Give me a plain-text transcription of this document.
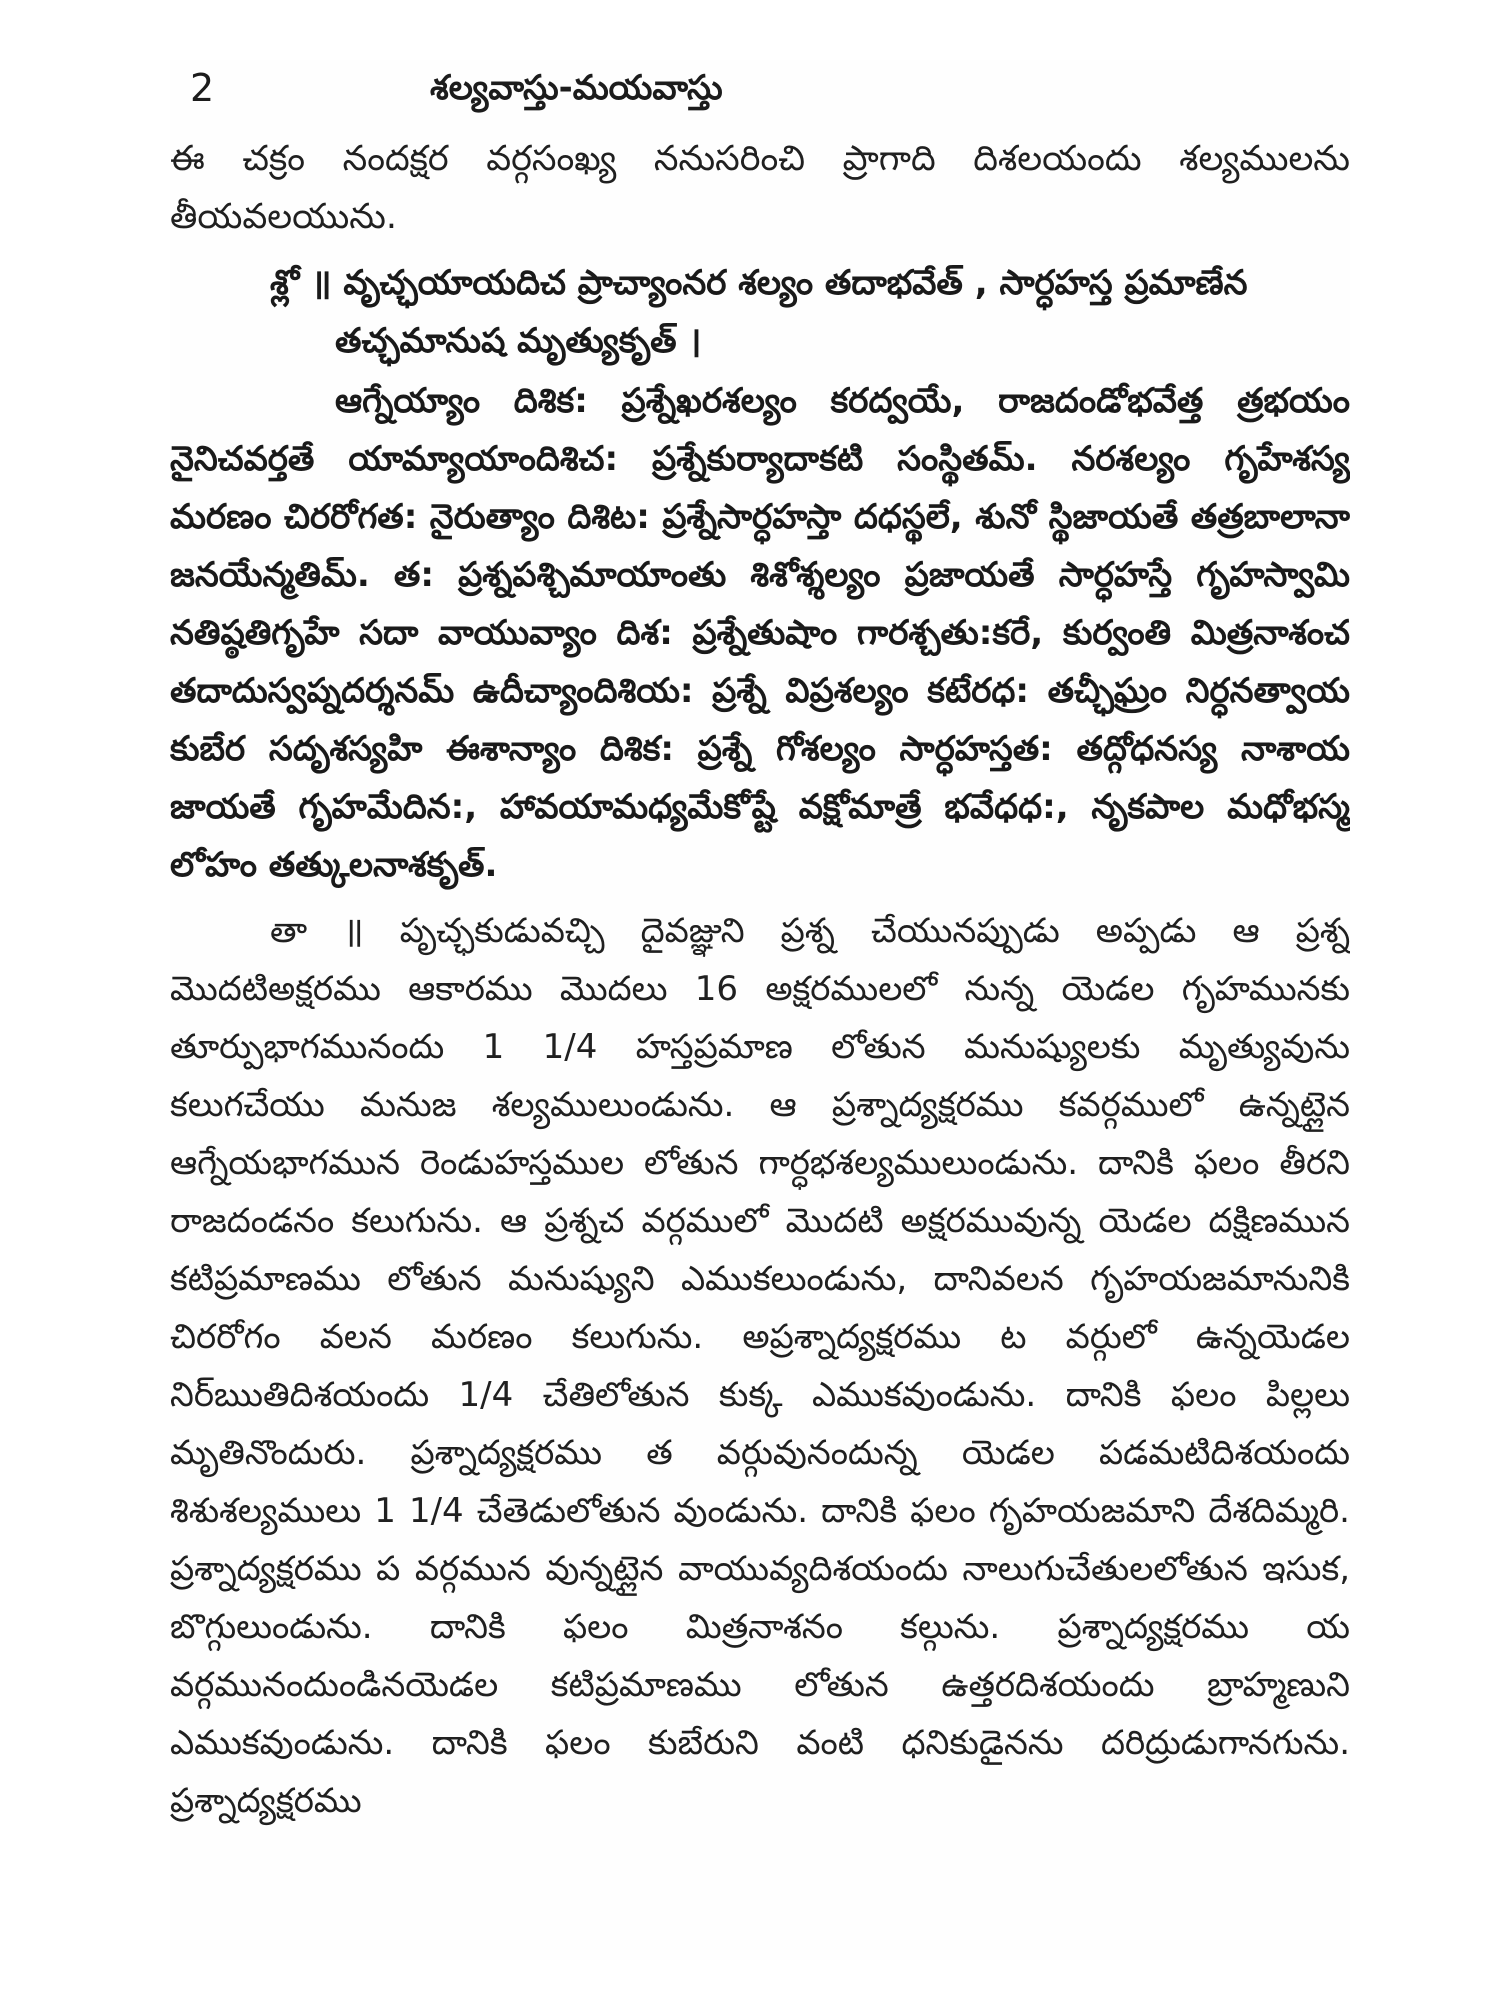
2	శల్యవాస్తు-మయవాస్తు

ఈ చక్రం నందక్షర వర్గసంఖ్య ననుసరించి ప్రాగాది దిశలయందు శల్యములను తీయవలయును.

శ్లో ॥ వృచ్ఛయాయదిచ ప్రాచ్యాంనర శల్యం తదాభవేత్ , సార్ధహస్త ప్రమాణేన
తచ్ఛమానుష మృత్యుకృత్ ।

ఆగ్నేయ్యాం దిశిక: ప్రశ్నేఖరశల్యం కరద్వయే, రాజదండోభవేత్త త్రభయం నైనిచవర్తతే యామ్యాయాందిశిచ: ప్రశ్నేకుర్యాదాకటి సంస్థితమ్. నరశల్యం గృహేశస్య మరణం చిరరోగత: నైరుత్యాం దిశిట: ప్రశ్నేసార్ధహస్తా దధస్థలే, శునో స్థిజాయతే తత్రబాలానా జనయేన్మతిమ్. త: ప్రశ్నపశ్చిమాయాంతు శిశోశ్శల్యం ప్రజాయతే సార్ధహస్తే గృహస్వామి నతిష్ఠతిగృహే సదా వాయువ్యాం దిశ: ప్రశ్నేతుషాం గారశ్చతు:కరే, కుర్వంతి మిత్రనాశంచ తదాదుస్వప్నదర్శనమ్ ఉదీచ్యాందిశియ: ప్రశ్నే విప్రశల్యం కటేరధ: తచ్ఛీఘ్రం నిర్ధనత్వాయ కుబేర సదృశస్యహి ఈశాన్యాం దిశిక: ప్రశ్నే గోశల్యం సార్ధహస్తత: తద్గోధనస్య నాశాయ జాయతే గృహమేదిన:, హావయామధ్యమేకోష్టే వక్షోమాత్రే భవేధధ:, నృకపాల మధోభస్మ లోహం తత్కులనాశకృత్.

తా ॥ పృచ్ఛకుడువచ్చి దైవజ్ఞుని ప్రశ్న చేయునప్పుడు అప్పడు ఆ ప్రశ్న మొదటిఅక్షరము ఆకారము మొదలు 16 అక్షరములలో నున్న యెడల గృహమునకు తూర్పుభాగమునందు 1 1/4 హస్తప్రమాణ లోతున మనుష్యులకు మృత్యువును కలుగచేయు మనుజ శల్యములుండును. ఆ ప్రశ్నాద్యక్షరము కవర్గములో ఉన్నట్లైన ఆగ్నేయభాగమున రెండుహస్తముల లోతున గార్ధభశల్యములుండును. దానికి ఫలం తీరని రాజదండనం కలుగును. ఆ ప్రశ్నచ వర్గములో మొదటి అక్షరమువున్న యెడల దక్షిణమున కటిప్రమాణము లోతున మనుష్యుని ఎముకలుండును, దానివలన గృహయజమానునికి చిరరోగం వలన మరణం కలుగును. అప్రశ్నాద్యక్షరము ట వర్గులో ఉన్నయెడల నిర్ఋతిదిశయందు 1/4 చేతిలోతున కుక్క ఎముకవుండును. దానికి ఫలం పిల్లలు మృతినొందురు. ప్రశ్నాద్యక్షరము త వర్గువునందున్న యెడల పడమటిదిశయందు శిశుశల్యములు 1 1/4 చేతెడులోతున వుండును. దానికి ఫలం గృహయజమాని దేశదిమ్మరి. ప్రశ్నాద్యక్షరము ప వర్గమున వున్నట్లైన వాయువ్యదిశయందు నాలుగుచేతులలోతున ఇసుక, బొగ్గులుండును. దానికి ఫలం మిత్రనాశనం కల్గును. ప్రశ్నాద్యక్షరము య వర్గమునందుండినయెడల కటిప్రమాణము లోతున ఉత్తరదిశయందు బ్రాహ్మణుని ఎముకవుండును. దానికి ఫలం కుబేరుని వంటి ధనికుడైనను దరిద్రుడుగానగును. ప్రశ్నాద్యక్షరము
